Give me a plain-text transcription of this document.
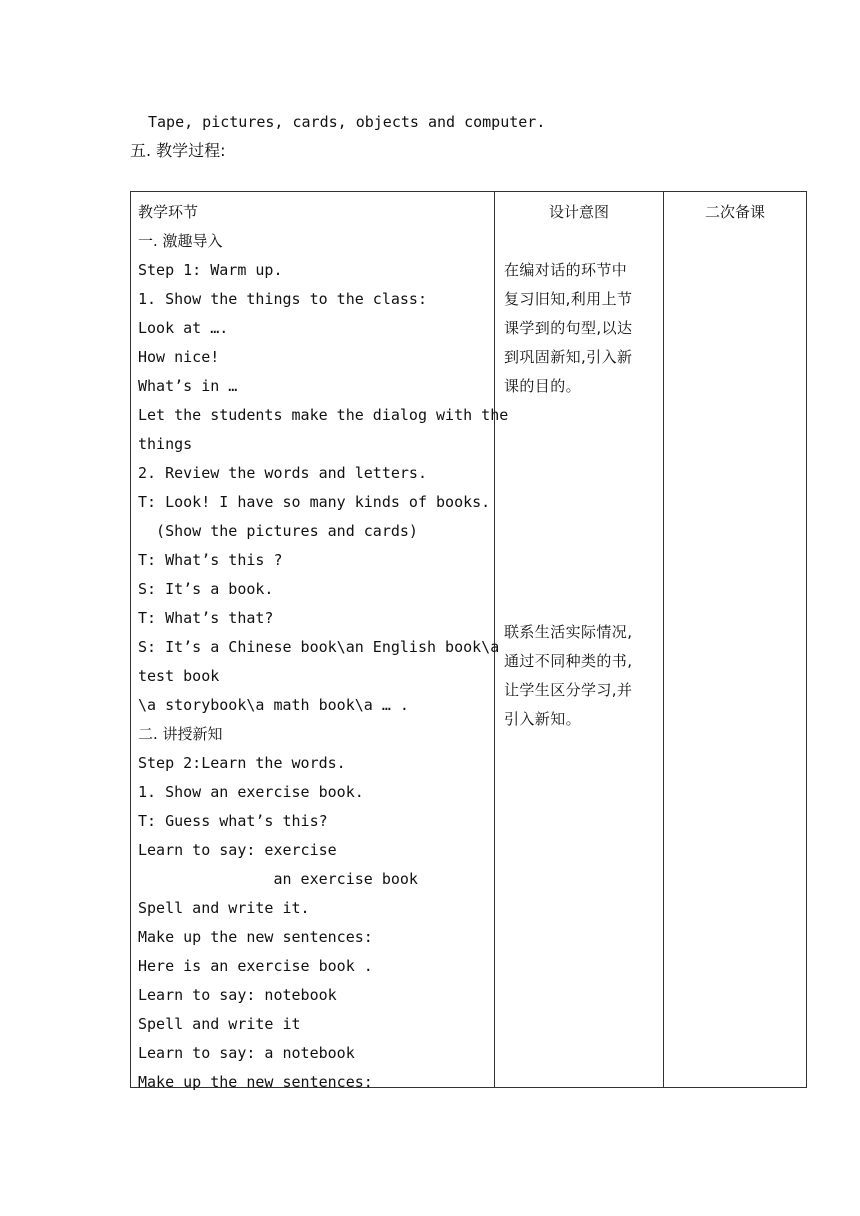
Tape, pictures, cards, objects and computer.
五. 教学过程:
教学环节
一. 激趣导入
Step 1: Warm up.
1. Show the things to the class:
Look at ….
How nice!
What’s in …
Let the students make the dialog with the
things
2. Review the words and letters.
T: Look! I have so many kinds of books.
(Show the pictures and cards)
T: What’s this ?
S: It’s a book.
T: What’s that?
S: It’s a Chinese book\an English book\a
test book
\a storybook\a math book\a … .
二. 讲授新知
Step 2:Learn the words.
1. Show an exercise book.
T: Guess what’s this?
Learn to say: exercise
an exercise book
Spell and write it.
Make up the new sentences:
Here is an exercise book .
Learn to say: notebook
Spell and write it
Learn to say: a notebook
Make up the new sentences:
设计意图
在编对话的环节中
复习旧知,利用上节
课学到的句型,以达
到巩固新知,引入新
课的目的。
联系生活实际情况,
通过不同种类的书,
让学生区分学习,并
引入新知。
二次备课
